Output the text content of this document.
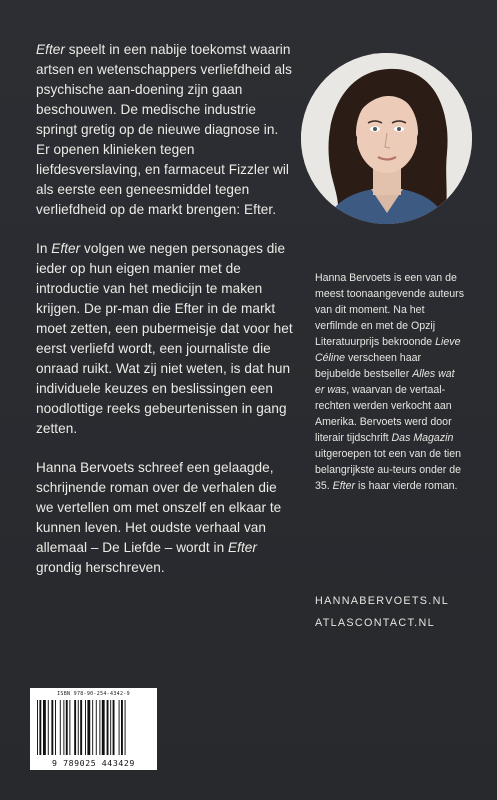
Efter speelt in een nabije toekomst waarin artsen en wetenschappers verliefdheid als psychische aan-doening zijn gaan beschouwen. De medische industrie springt gretig op de nieuwe diagnose in. Er openen klinieken tegen liefdesverslaving, en farmaceut Fizzler wil als eerste een geneesmiddel tegen verliefdheid op de markt brengen: Efter.

In Efter volgen we negen personages die ieder op hun eigen manier met de introductie van het medicijn te maken krijgen. De pr-man die Efter in de markt moet zetten, een pubermeisje dat voor het eerst verliefd wordt, een journaliste die onraad ruikt. Wat zij niet weten, is dat hun individuele keuzes en beslissingen een noodlottige reeks gebeurtenissen in gang zetten.

Hanna Bervoets schreef een gelaagde, schrijnende roman over de verhalen die we vertellen om met onszelf en elkaar te kunnen leven. Het oudste verhaal van allemaal – De Liefde – wordt in Efter grondig herschreven.

Hanna Bervoets is een van de meest toonaangevende auteurs van dit moment. Na het verfilmde en met de Opzij Literatuurprijs bekroonde Lieve Céline verscheen haar bejubelde bestseller Alles wat er was, waarvan de vertaal-rechten werden verkocht aan Amerika. Bervoets werd door literair tijdschrift Das Magazin uitgeroepen tot een van de tien belangrijkste au-teurs onder de 35. Efter is haar vierde roman.

HANNABERVOETS.NL
ATLASCONTACT.NL
ISBN 978-90-254-4342-9
9 789025 443429
